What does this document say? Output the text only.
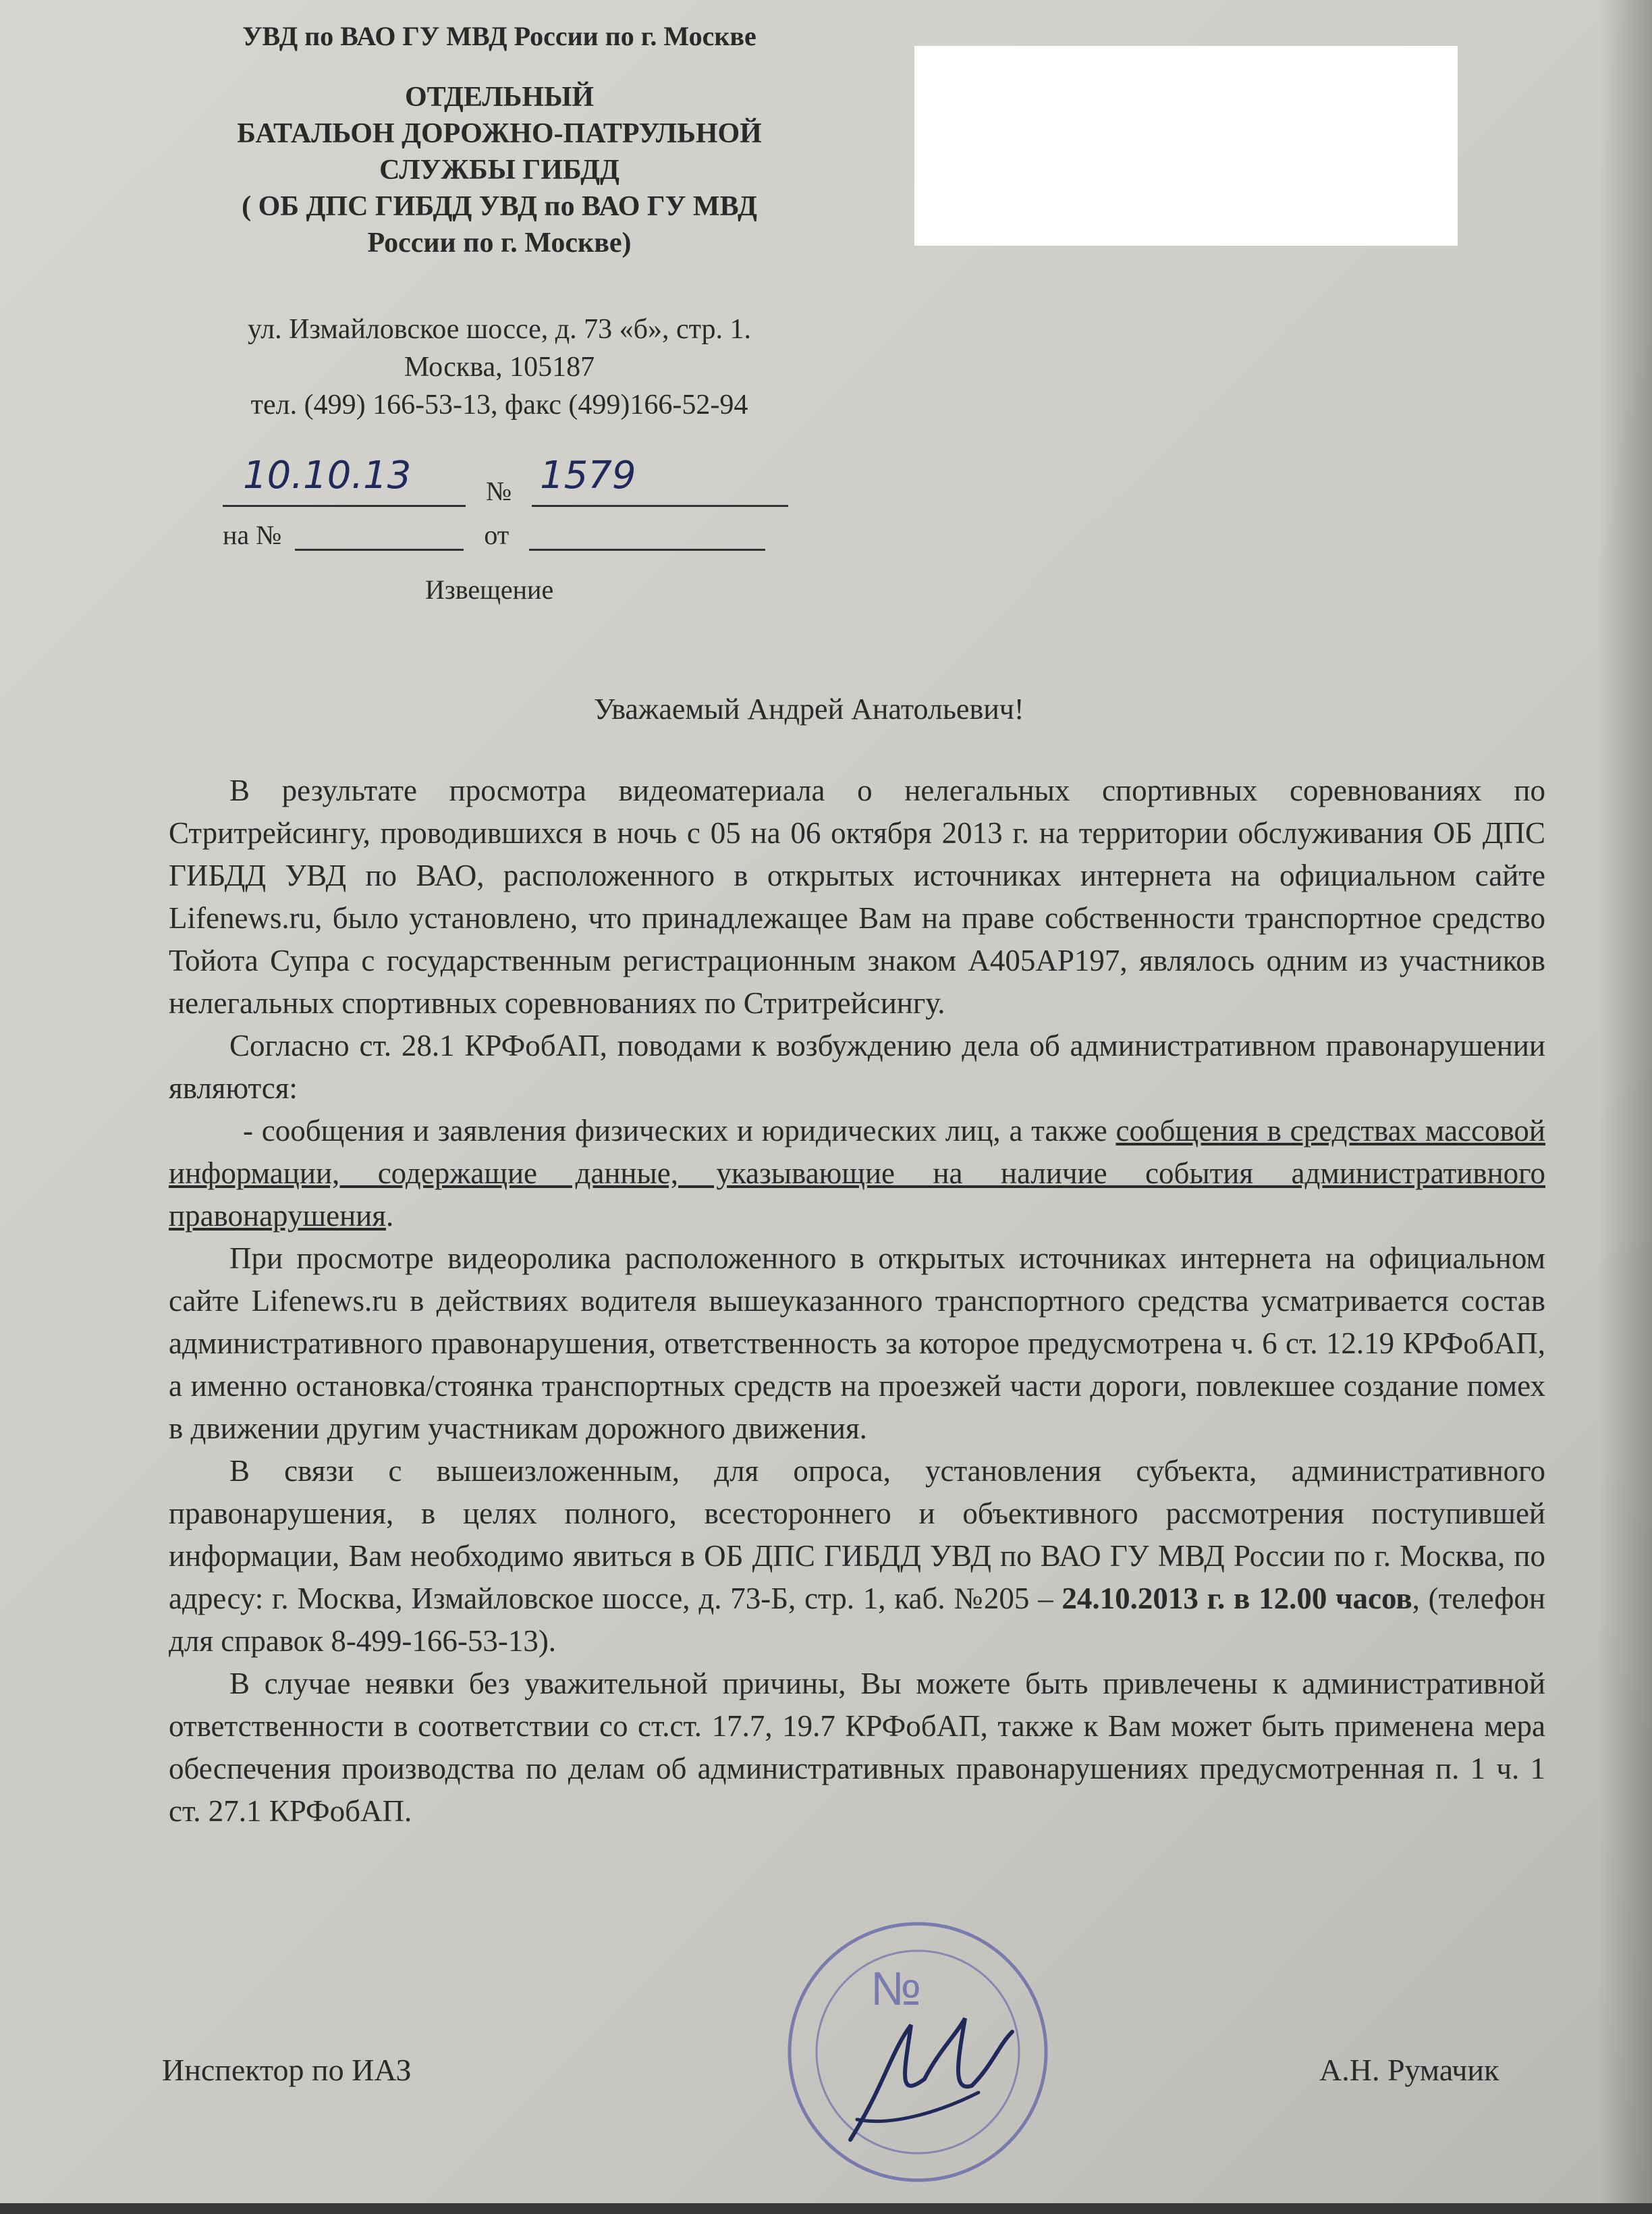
УВД по ВАО ГУ МВД России по г. Москве
ОТДЕЛЬНЫЙ
БАТАЛЬОН ДОРОЖНО-ПАТРУЛЬНОЙ
СЛУЖБЫ ГИБДД
( ОБ ДПС ГИБДД УВД по ВАО ГУ МВД
России по г. Москве)
ул. Измайловское шоссе, д. 73 «б», стр. 1.
Москва, 105187
тел. (499) 166-53-13, факс (499)166-52-94
№
10.10.13	1579
на №	от
Извещение
Уважаемый Андрей Анатольевич!

В результате просмотра видеоматериала о нелегальных спортивных соревнованиях по Стритрейсингу, проводившихся в ночь с 05 на 06 октября 2013 г. на территории обслуживания ОБ ДПС ГИБДД УВД по ВАО, расположенного в открытых источниках интернета на официальном сайте Lifenews.ru, было установлено, что принадлежащее Вам на праве собственности транспортное средство Тойота Супра с государственным регистрационным знаком А405АР197, являлось одним из участников нелегальных спортивных соревнованиях по Стритрейсингу.

Согласно ст. 28.1 КРФобАП, поводами к возбуждению дела об административном правонарушении являются:

- сообщения и заявления физических и юридических лиц, а также сообщения в средствах массовой информации, содержащие данные, указывающие на наличие события административного правонарушения.

При просмотре видеоролика расположенного в открытых источниках интернета на официальном сайте Lifenews.ru в действиях водителя вышеуказанного транспортного средства усматривается состав административного правонарушения, ответственность за которое предусмотрена ч. 6 ст. 12.19 КРФобАП, а именно остановка/стоянка транспортных средств на проезжей части дороги, повлекшее создание помех в движении другим участникам дорожного движения.

В связи с вышеизложенным, для опроса, установления субъекта, административного правонарушения, в целях полного, всестороннего и объективного рассмотрения поступившей информации, Вам необходимо явиться в ОБ ДПС ГИБДД УВД по ВАО ГУ МВД России по г. Москва, по адресу: г. Москва, Измайловское шоссе, д. 73-Б, стр. 1, каб. №205 – 24.10.2013 г. в 12.00 часов, (телефон для справок 8-499-166-53-13).

В случае неявки без уважительной причины, Вы можете быть привлечены к административной ответственности в соответствии со ст.ст. 17.7, 19.7 КРФобАП, также к Вам может быть применена мера обеспечения производства по делам об административных правонарушениях предусмотренная п. 1 ч. 1 ст. 27.1 КРФобАП.

№
Инспектор по ИАЗ	А.Н. Румачик
